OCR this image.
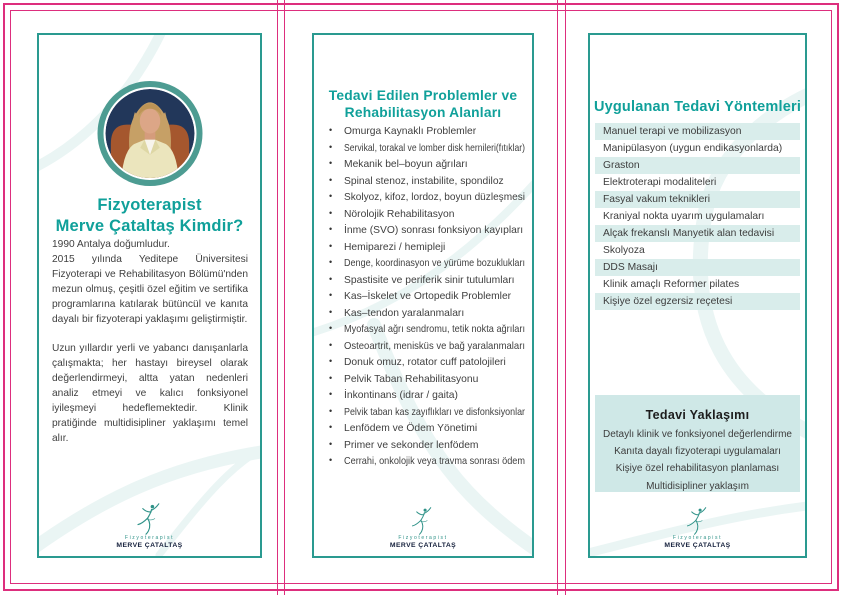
Fizyoterapist
Merve Çataltaş Kimdir?

1990 Antalya doğumludur.

2015 yılında Yeditepe Üniversitesi Fizyoterapi ve Rehabilitasyon Bölümü'nden mezun olmuş, çeşitli özel eğitim ve sertifika programlarına katılarak bütüncül ve kanıta dayalı bir fizyoterapi yaklaşımı geliştirmiştir.

Uzun yıllardır yerli ve yabancı danışanlarla çalışmakta; her hastayı bireysel olarak değerlendirmeyi, altta yatan nedenleri analiz etmeyi ve kalıcı fonksiyonel iyileşmeyi hedeflemektedir. Klinik pratiğinde multidisipliner yaklaşımı temel alır.

Fizyoterapist
MERVE ÇATALTAŞ
Tedavi Edilen Problemler ve
Rehabilitasyon Alanları
• Omurga Kaynaklı Problemler
• Servikal, torakal ve lomber disk hernileri(fıtıklar)
• Mekanik bel–boyun ağrıları
• Spinal stenoz, instabilite, spondiloz
• Skolyoz, kifoz, lordoz, boyun düzleşmesi
• Nörolojik Rehabilitasyon
• İnme (SVO) sonrası fonksiyon kayıpları
• Hemiparezi / hemipleji
• Denge, koordinasyon ve yürüme bozuklukları
• Spastisite ve periferik sinir tutulumları
• Kas–İskelet ve Ortopedik Problemler
• Kas–tendon yaralanmaları
• Myofasyal ağrı sendromu, tetik nokta ağrıları
• Osteoartrit, menisküs ve bağ yaralanmaları
• Donuk omuz, rotator cuff patolojileri
• Pelvik Taban Rehabilitasyonu
• İnkontinans (idrar / gaita)
• Pelvik taban kas zayıflıkları ve disfonksiyonlar
• Lenfödem ve Ödem Yönetimi
• Primer ve sekonder lenfödem
• Cerrahi, onkolojik veya travma sonrası ödem
Fizyoterapist
MERVE ÇATALTAŞ
Uygulanan Tedavi Yöntemleri
Manuel terapi ve mobilizasyon
Manipülasyon (uygun endikasyonlarda)
Graston
Elektroterapi modaliteleri
Fasyal vakum teknikleri
Kraniyal nokta uyarım uygulamaları
Alçak frekanslı Manyetik alan tedavisi
Skolyoza
DDS Masajı
Klinik amaçlı Reformer pilates
Kişiye özel egzersiz reçetesi
Tedavi Yaklaşımı
Detaylı klinik ve fonksiyonel değerlendirme
Kanıta dayalı fizyoterapi uygulamaları
Kişiye özel rehabilitasyon planlaması
Multidisipliner yaklaşım
Fizyoterapist
MERVE ÇATALTAŞ
